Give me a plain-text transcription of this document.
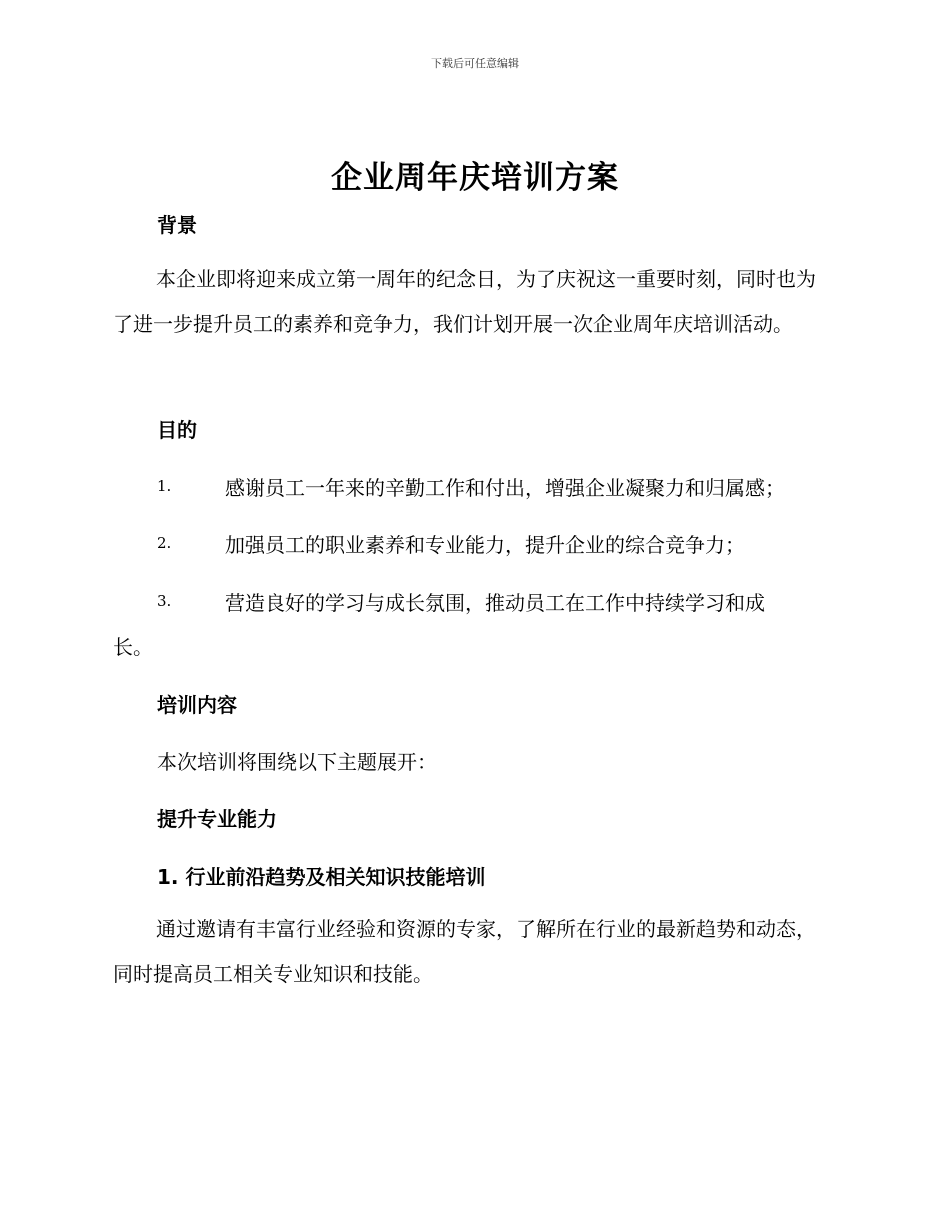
下载后可任意编辑
企业周年庆培训方案
背景
本企业即将迎来成立第一周年的纪念日，为了庆祝这一重要时刻，同时也为了进一步提升员工的素养和竞争力，我们计划开展一次企业周年庆培训活动。
目的
1.	感谢员工一年来的辛勤工作和付出，增强企业凝聚力和归属感；
2.	加强员工的职业素养和专业能力，提升企业的综合竞争力；
3.	营造良好的学习与成长氛围，推动员工在工作中持续学习和成
长。
培训内容
本次培训将围绕以下主题展开：
提升专业能力
1. 行业前沿趋势及相关知识技能培训
通过邀请有丰富行业经验和资源的专家，了解所在行业的最新趋势和动态，同时提高员工相关专业知识和技能。
